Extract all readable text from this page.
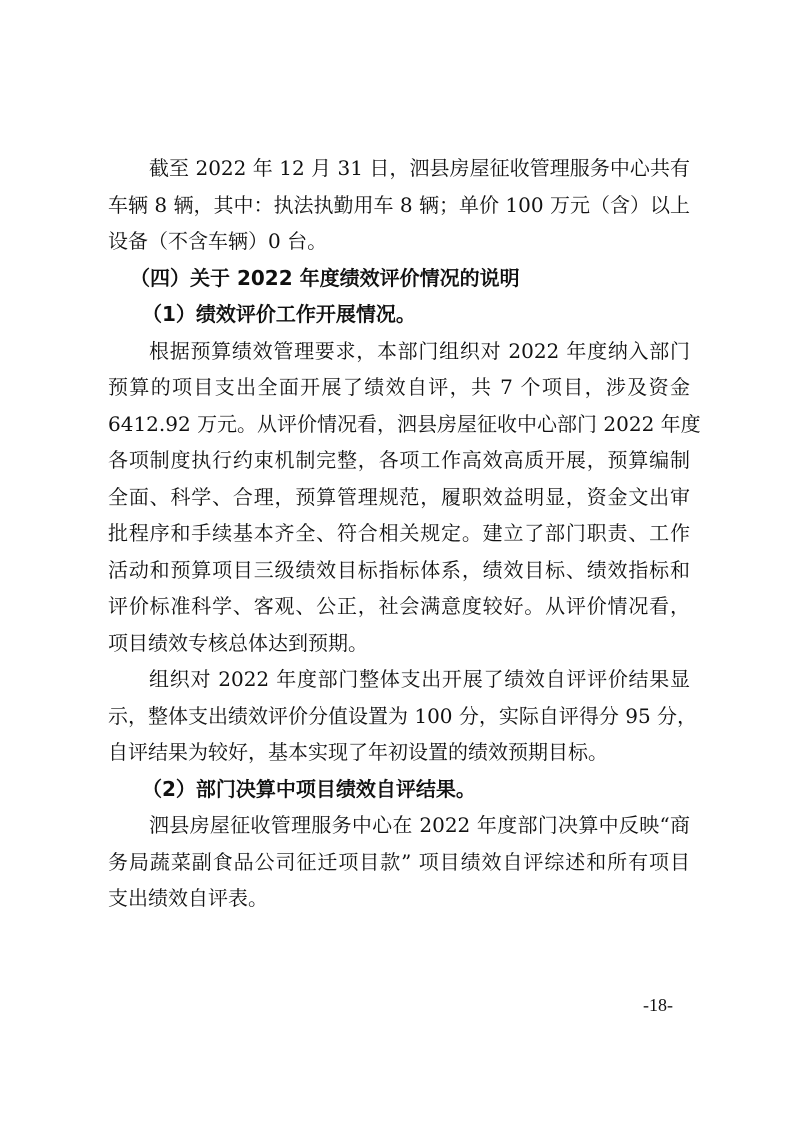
截至 2022 年 12 月 31 日，泗县房屋征收管理服务中心共有
车辆 8 辆，其中：执法执勤用车 8 辆；单价 100 万元（含）以上
设备（不含车辆）0 台。

（四）关于 2022 年度绩效评价情况的说明

（1）绩效评价工作开展情况。

根据预算绩效管理要求，本部门组织对 2022 年度纳入部门
预算的项目支出全面开展了绩效自评，共 7 个项目，涉及资金
6412.92 万元。从评价情况看，泗县房屋征收中心部门 2022 年度
各项制度执行约束机制完整，各项工作高效高质开展，预算编制
全面、科学、合理，预算管理规范，履职效益明显，资金文出审
批程序和手续基本齐全、符合相关规定。建立了部门职责、工作
活动和预算项目三级绩效目标指标体系，绩效目标、绩效指标和
评价标准科学、客观、公正，社会满意度较好。从评价情况看，
项目绩效专核总体达到预期。

组织对 2022 年度部门整体支出开展了绩效自评评价结果显
示，整体支出绩效评价分值设置为 100 分，实际自评得分 95 分，
自评结果为较好，基本实现了年初设置的绩效预期目标。

（2）部门决算中项目绩效自评结果。

泗县房屋征收管理服务中心在 2022 年度部门决算中反映“商
务局蔬菜副食品公司征迁项目款” 项目绩效自评综述和所有项目
支出绩效自评表。

-18-
